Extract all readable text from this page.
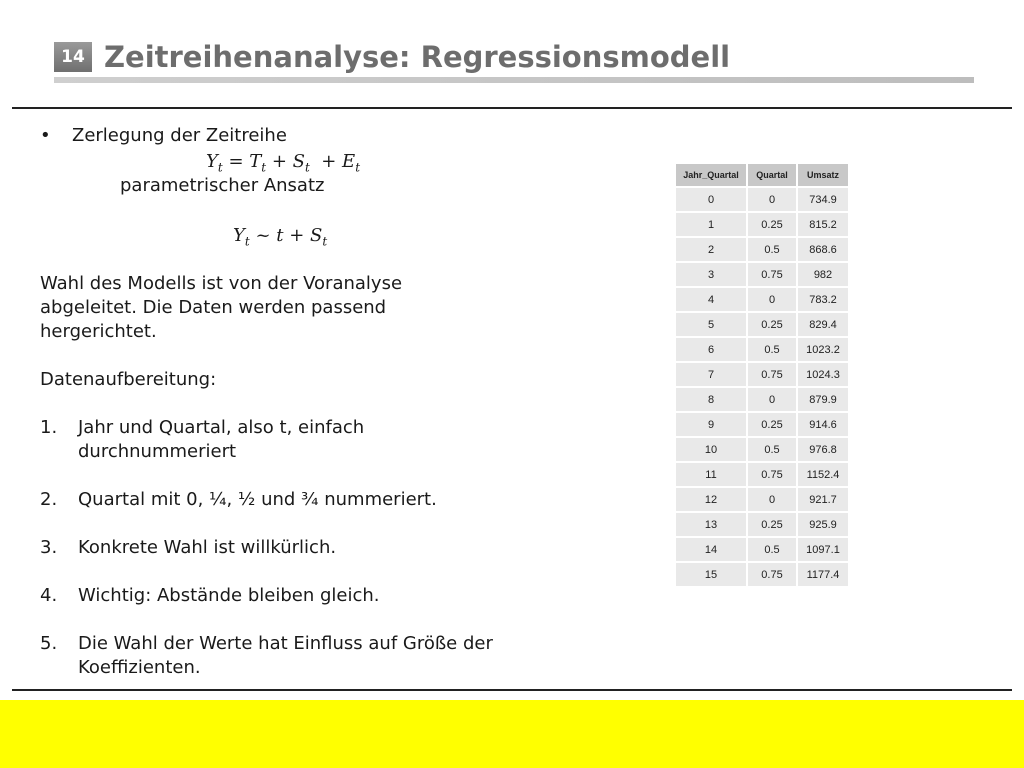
14 Zeitreihenanalyse: Regressionsmodell
• Zerlegung der Zeitreihe
$Y_t = T_t + S_t + E_t$
parametrischer Ansatz
$Y_t$ ~ $t + S_t$
Wahl des Modells ist von der Voranalyse abgeleitet. Die Daten werden passend hergerichtet.
Datenaufbereitung:
1.	Jahr und Quartal, also t, einfach durchnummeriert
2.	Quartal mit 0, ¼, ½ und ¾ nummeriert.
3.	Konkrete Wahl ist willkürlich.
4.	Wichtig: Abstände bleiben gleich.
5.	Die Wahl der Werte hat Einfluss auf Größe der Koeffizienten.
Jahr_Quartal	Quartal	Umsatz
0	0	734.9
1	0.25	815.2
2	0.5	868.6
3	0.75	982
4	0	783.2
5	0.25	829.4
6	0.5	1023.2
7	0.75	1024.3
8	0	879.9
9	0.25	914.6
10	0.5	976.8
11	0.75	1152.4
12	0	921.7
13	0.25	925.9
14	0.5	1097.1
15	0.75	1177.4
